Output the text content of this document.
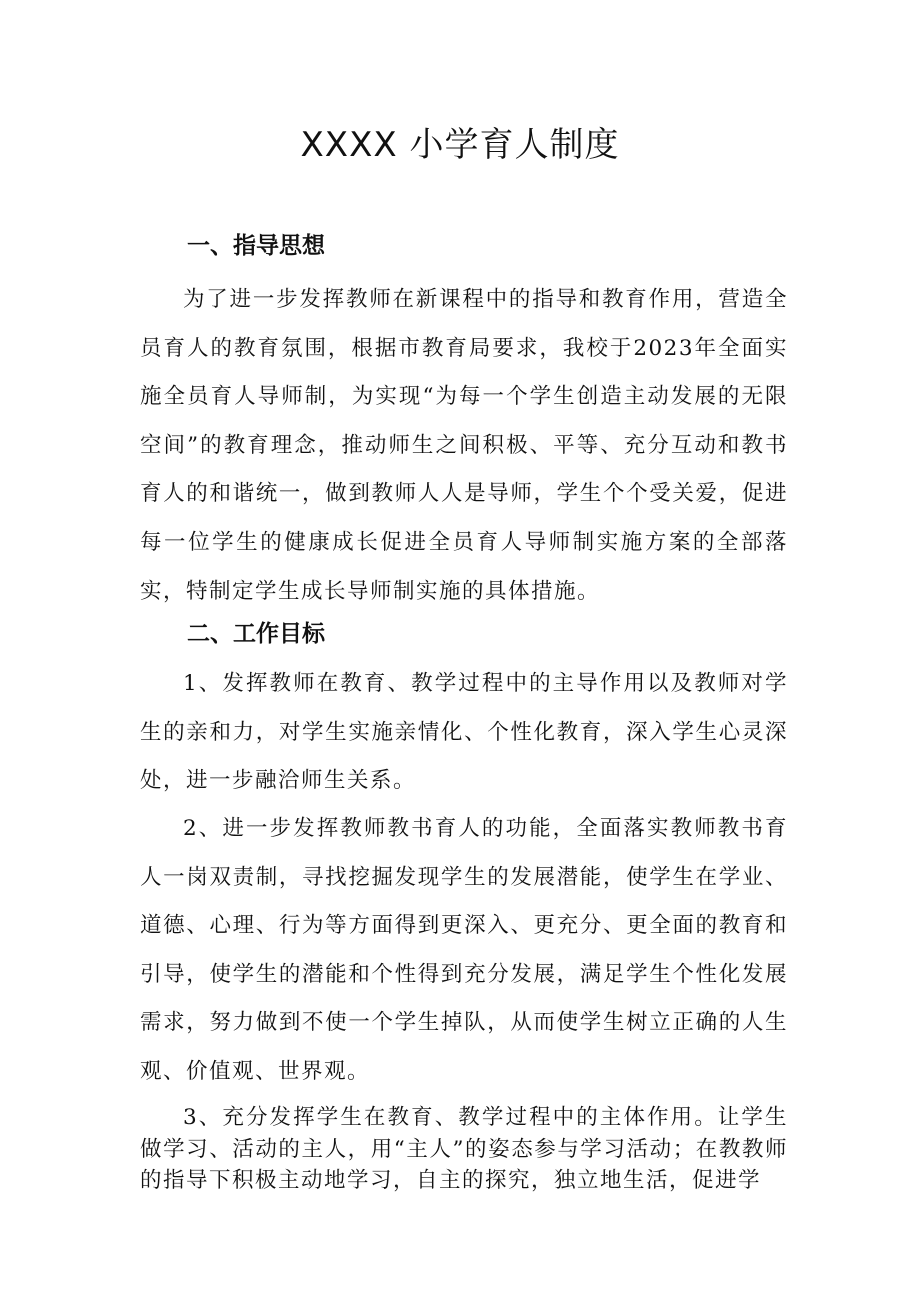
XXXX 小学育人制度
一、指导思想

为了进一步发挥教师在新课程中的指导和教育作用，营造全员育人的教育氛围，根据市教育局要求，我校于2023年全面实施全员育人导师制，为实现“为每一个学生创造主动发展的无限空间”的教育理念，推动师生之间积极、平等、充分互动和教书育人的和谐统一，做到教师人人是导师，学生个个受关爱，促进每一位学生的健康成长促进全员育人导师制实施方案的全部落实，特制定学生成长导师制实施的具体措施。

二、工作目标

1、发挥教师在教育、教学过程中的主导作用以及教师对学生的亲和力，对学生实施亲情化、个性化教育，深入学生心灵深处，进一步融洽师生关系。

2、进一步发挥教师教书育人的功能，全面落实教师教书育人一岗双责制，寻找挖掘发现学生的发展潜能，使学生在学业、道德、心理、行为等方面得到更深入、更充分、更全面的教育和引导，使学生的潜能和个性得到充分发展，满足学生个性化发展需求，努力做到不使一个学生掉队，从而使学生树立正确的人生观、价值观、世界观。

3、充分发挥学生在教育、教学过程中的主体作用。让学生做学习、活动的主人，用“主人”的姿态参与学习活动；在教教师的指导下积极主动地学习，自主的探究，独立地生活，促进学
